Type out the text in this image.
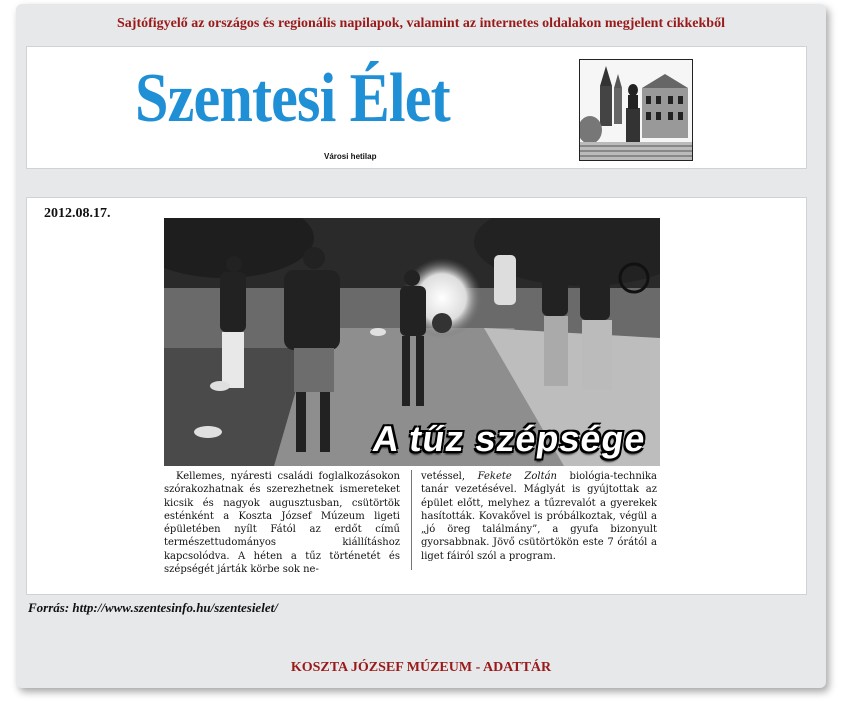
Sajtófigyelő az országos és regionális napilapok, valamint az internetes oldalakon megjelent cikkekből
Szentesi Élet
Városi hetilap
2012.08.17.
A tűz szépsége
Kellemes, nyáresti családi foglalkozásokon szórakozhatnak és szerezhetnek ismereteket kicsik és nagyok augusztusban, csütörtök esténként a Koszta József Múzeum ligeti épületében nyílt Fától az erdőt című természettudományos kiállításhoz kapcsolódva. A héten a tűz történetét és szépségét járták körbe sok ne-
vetéssel, Fekete Zoltán biológia-technika tanár vezetésével. Máglyát is gyújtottak az épület előtt, melyhez a tűzrevalót a gyerekek hasították. Kovakővel is próbálkoztak, végül a „jó öreg találmány”, a gyufa bizonyult gyorsabbnak. Jövő csütörtökön este 7 órától a liget fáiról szól a program.
Forrás: http://www.szentesinfo.hu/szentesielet/
KOSZTA JÓZSEF MÚZEUM - ADATTÁR
